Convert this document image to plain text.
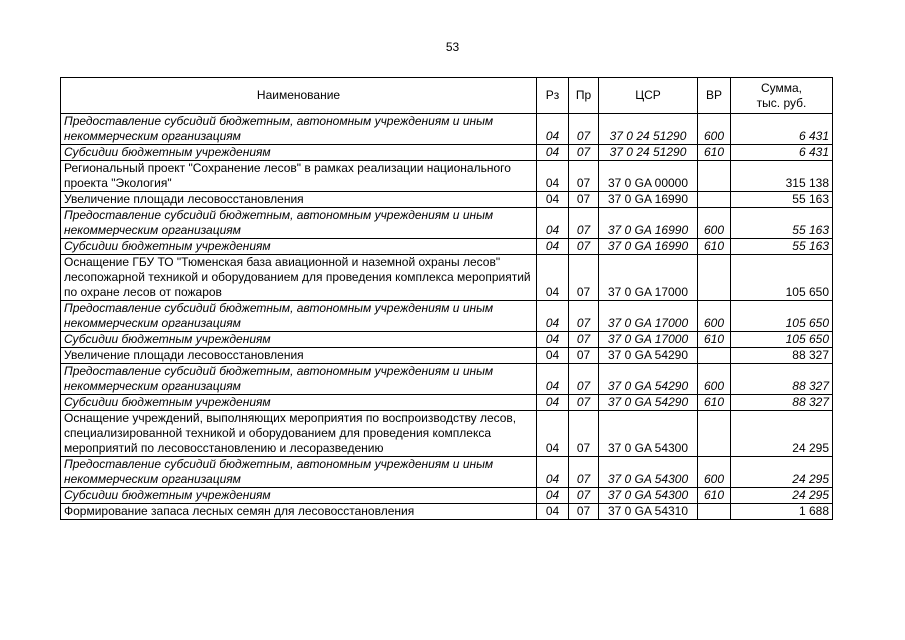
53
Наименование	Рз	Пр	ЦСР	ВР	Сумма,
тыс. руб.

Предоставление субсидий бюджетным, автономным учреждениям и иным некоммерческим организациям	04	07	37 0 24 51290	600	6 431
Субсидии бюджетным учреждениям	04	07	37 0 24 51290	610	6 431
Региональный проект "Сохранение лесов" в рамках реализации национального проекта "Экология"	04	07	37 0 GA 00000		315 138
Увеличение площади лесовосстановления	04	07	37 0 GA 16990		55 163
Предоставление субсидий бюджетным, автономным учреждениям и иным некоммерческим организациям	04	07	37 0 GA 16990	600	55 163
Субсидии бюджетным учреждениям	04	07	37 0 GA 16990	610	55 163
Оснащение ГБУ ТО "Тюменская база авиационной и наземной охраны лесов" лесопожарной техникой и оборудованием для проведения комплекса мероприятий по охране лесов от пожаров	04	07	37 0 GA 17000		105 650
Предоставление субсидий бюджетным, автономным учреждениям и иным некоммерческим организациям	04	07	37 0 GA 17000	600	105 650
Субсидии бюджетным учреждениям	04	07	37 0 GA 17000	610	105 650
Увеличение площади лесовосстановления	04	07	37 0 GA 54290		88 327
Предоставление субсидий бюджетным, автономным учреждениям и иным некоммерческим организациям	04	07	37 0 GA 54290	600	88 327
Субсидии бюджетным учреждениям	04	07	37 0 GA 54290	610	88 327
Оснащение учреждений, выполняющих мероприятия по воспроизводству лесов, специализированной техникой и оборудованием для проведения комплекса мероприятий по лесовосстановлению и лесоразведению	04	07	37 0 GA 54300		24 295
Предоставление субсидий бюджетным, автономным учреждениям и иным некоммерческим организациям	04	07	37 0 GA 54300	600	24 295
Субсидии бюджетным учреждениям	04	07	37 0 GA 54300	610	24 295
Формирование запаса лесных семян для лесовосстановления	04	07	37 0 GA 54310		1 688
